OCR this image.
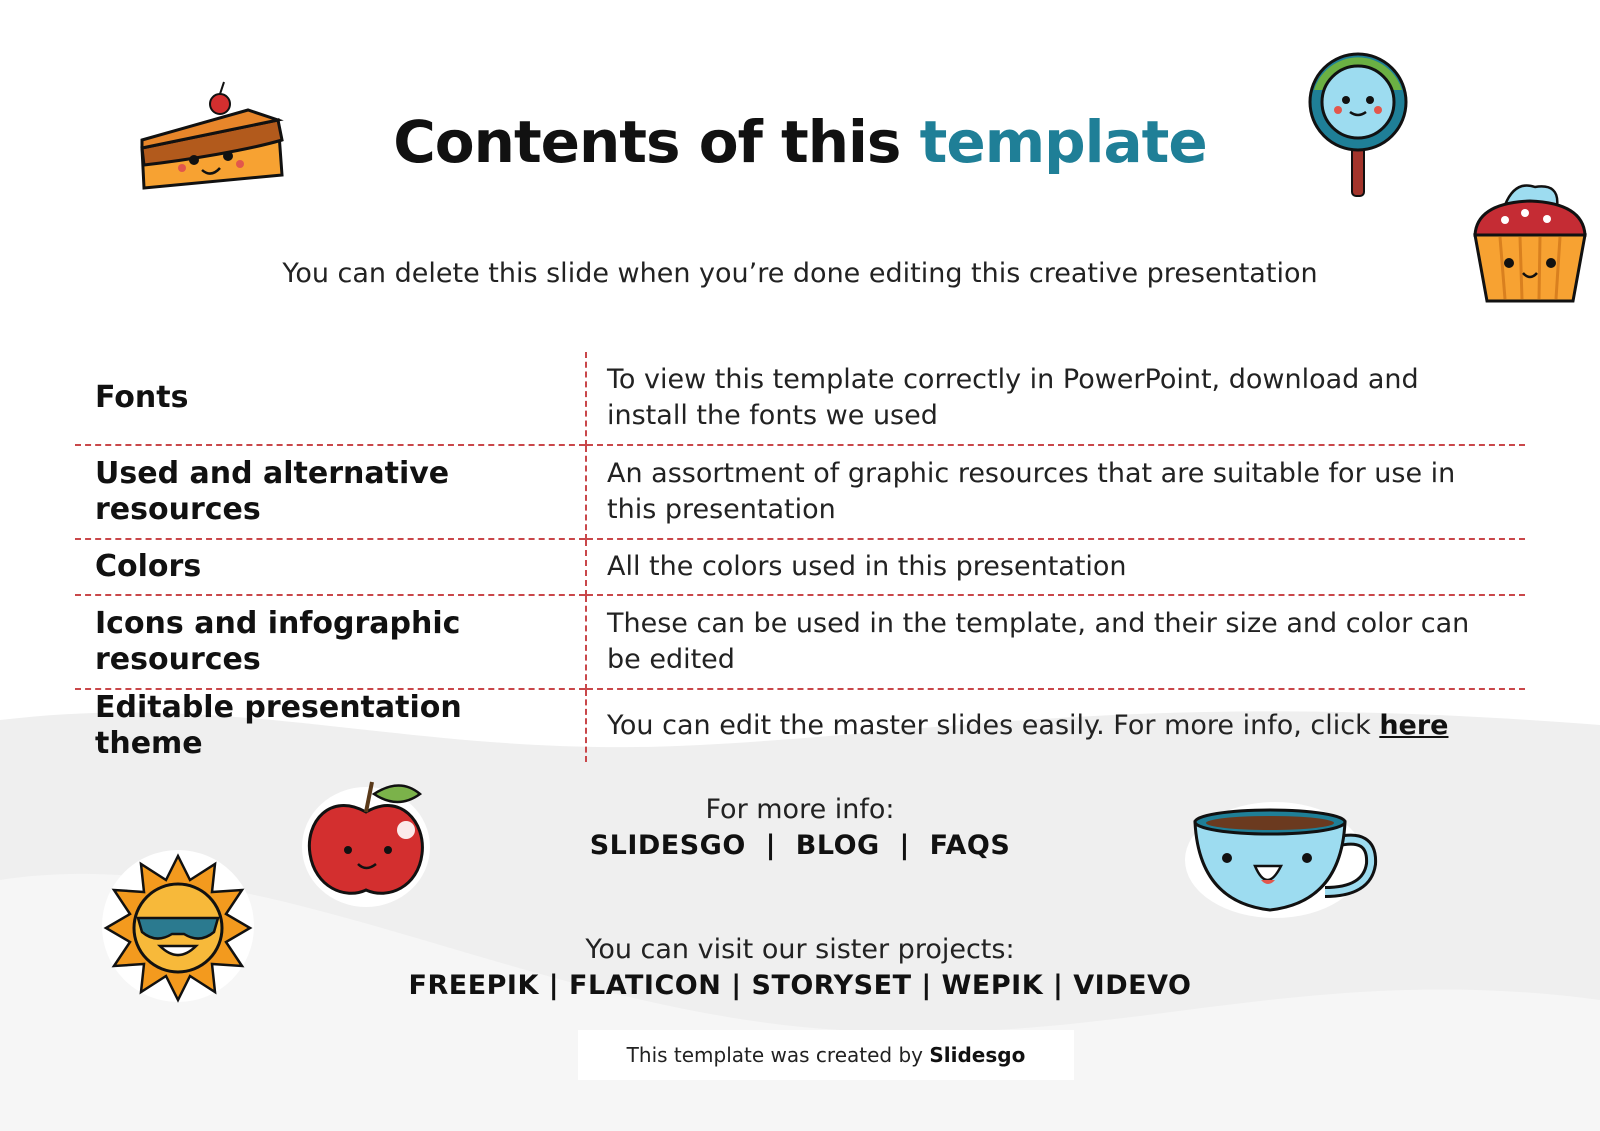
Contents of this template
You can delete this slide when you’re done editing this creative presentation
Fonts	To view this template correctly in PowerPoint, download and install the fonts we used
Used and alternative resources	An assortment of graphic resources that are suitable for use in this presentation
Colors	All the colors used in this presentation
Icons and infographic resources	These can be used in the template, and their size and color can be edited
Editable presentation theme	You can edit the master slides easily. For more info, click here
For more info:
SLIDESGO  |  BLOG  |  FAQS
You can visit our sister projects:
FREEPIK | FLATICON | STORYSET | WEPIK | VIDEVO
This template was created by Slidesgo
